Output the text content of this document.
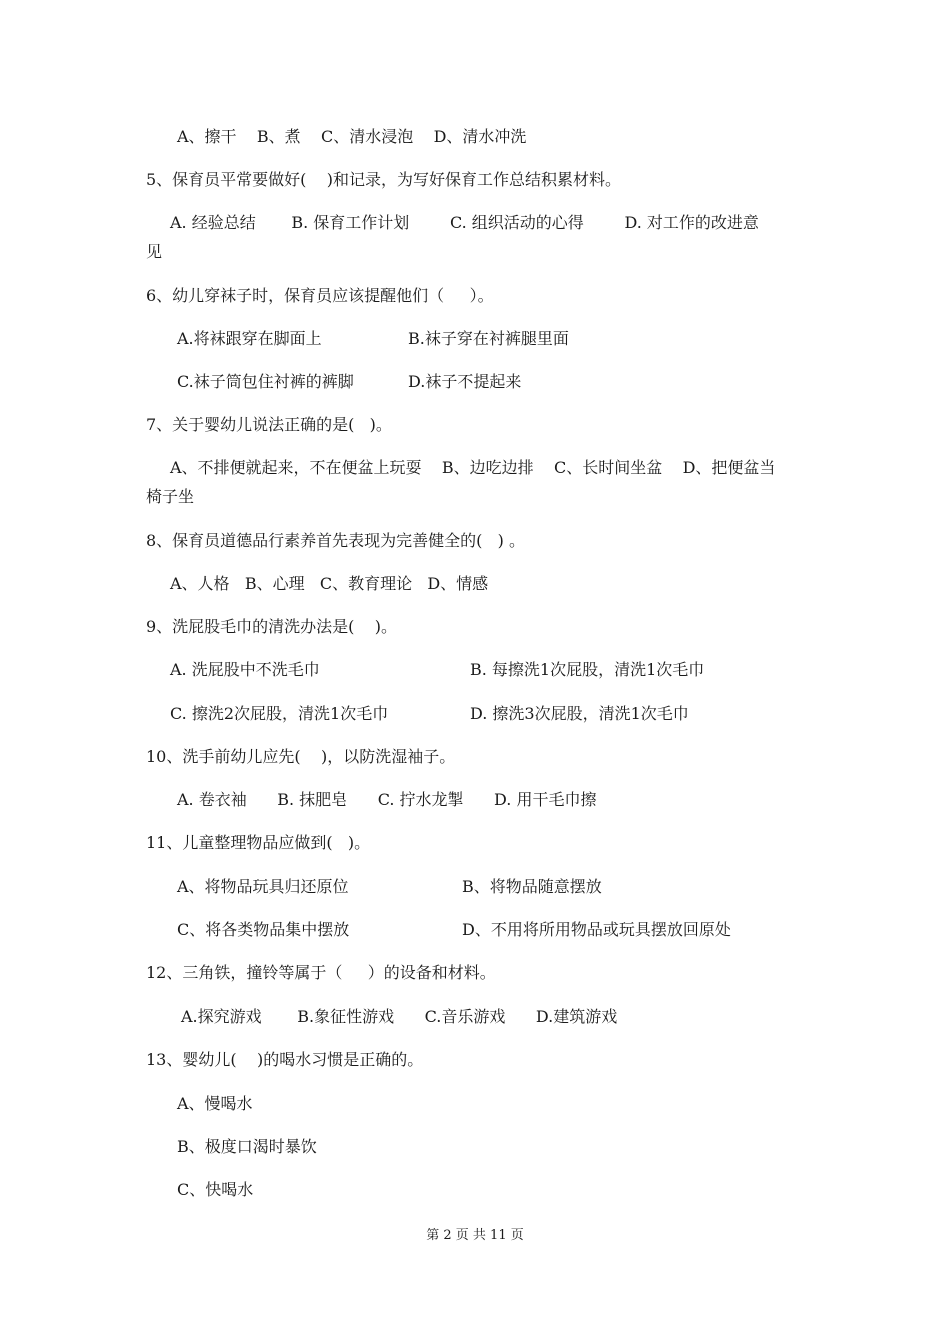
A、擦干    B、煮    C、清水浸泡    D、清水冲洗
5、保育员平常要做好(    )和记录，为写好保育工作总结积累材料。
A. 经验总结       B. 保育工作计划        C. 组织活动的心得        D. 对工作的改进意
见
6、幼儿穿袜子时，保育员应该提醒他们（     ）。
A.将袜跟穿在脚面上	B.袜子穿在衬裤腿里面
C.袜子筒包住衬裤的裤脚	D.袜子不提起来
7、关于婴幼儿说法正确的是(   )。
A、不排便就起来，不在便盆上玩耍    B、边吃边排    C、长时间坐盆    D、把便盆当
椅子坐
8、保育员道德品行素养首先表现为完善健全的(   ) 。
A、人格   B、心理   C、教育理论   D、情感
9、洗屁股毛巾的清洗办法是(    )。
A. 洗屁股中不洗毛巾	B. 每擦洗1次屁股，清洗1次毛巾
C. 擦洗2次屁股，清洗1次毛巾	D. 擦洗3次屁股，清洗1次毛巾
10、洗手前幼儿应先(    )，以防洗湿袖子。
A. 卷衣袖      B. 抹肥皂      C. 拧水龙掣      D. 用干毛巾擦
11、儿童整理物品应做到(   )。
A、将物品玩具归还原位	B、将物品随意摆放
C、将各类物品集中摆放	D、不用将所用物品或玩具摆放回原处
12、三角铁，撞铃等属于（     ）的设备和材料。
A.探究游戏       B.象征性游戏      C.音乐游戏      D.建筑游戏
13、婴幼儿(    )的喝水习惯是正确的。
A、慢喝水
B、极度口渴时暴饮
C、快喝水
第 2 页 共 11 页
